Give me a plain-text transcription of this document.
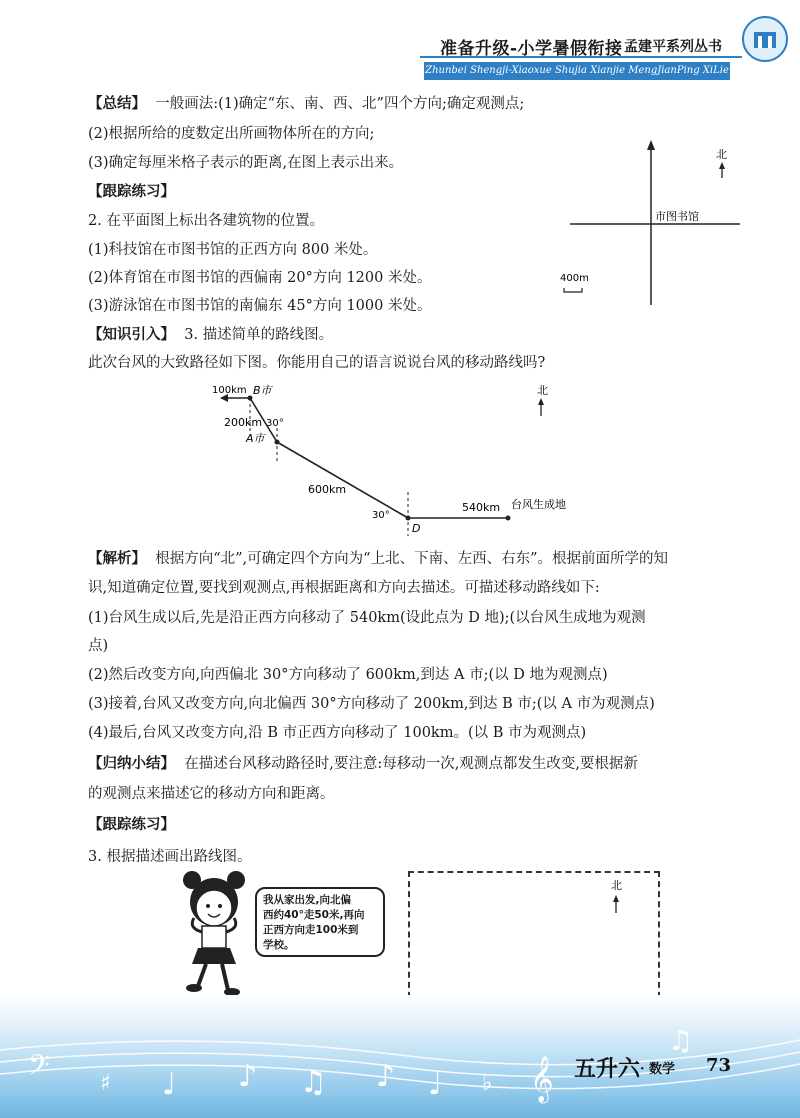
准备升级-小学暑假衔接 孟建平系列丛书
Zhunbei Shengji-Xiaoxue Shujia Xianjie MengJianPing XiLie Congshu
【总结】 一般画法:(1)确定“东、南、西、北”四个方向;确定观测点;
(2)根据所给的度数定出所画物体所在的方向;
(3)确定每厘米格子表示的距离,在图上表示出来。
【跟踪练习】
2. 在平面图上标出各建筑物的位置。
(1)科技馆在市图书馆的正西方向 800 米处。
(2)体育馆在市图书馆的西偏南 20°方向 1200 米处。
(3)游泳馆在市图书馆的南偏东 45°方向 1000 米处。
市图书馆
北
400m
【知识引入】 3. 描述简单的路线图。
此次台风的大致路径如下图。你能用自己的语言说说台风的移动路线吗?
北
540km 台风生成地
D
30°
600km
A市
200km 30°
B市
100km
【解析】 根据方向“北”,可确定四个方向为“上北、下南、左西、右东”。根据前面所学的知
识,知道确定位置,要找到观测点,再根据距离和方向去描述。可描述移动路线如下:
(1)台风生成以后,先是沿正西方向移动了 540km(设此点为 D 地);(以台风生成地为观测
点)
(2)然后改变方向,向西偏北 30°方向移动了 600km,到达 A 市;(以 D 地为观测点)
(3)接着,台风又改变方向,向北偏西 30°方向移动了 200km,到达 B 市;(以 A 市为观测点)
(4)最后,台风又改变方向,沿 B 市正西方向移动了 100km。(以 B 市为观测点)
【归纳小结】 在描述台风移动路径时,要注意:每移动一次,观测点都发生改变,要根据新
的观测点来描述它的移动方向和距离。
【跟踪练习】
3. 根据描述画出路线图。
我从家出发,向北偏
西约40°走50米,再向
正西方向走100米到
学校。
北
𝄢 ♯ ♩ ♪ ♫ ♪ ♩ ♭ 𝄞
♫
五升六 · 数学 73
